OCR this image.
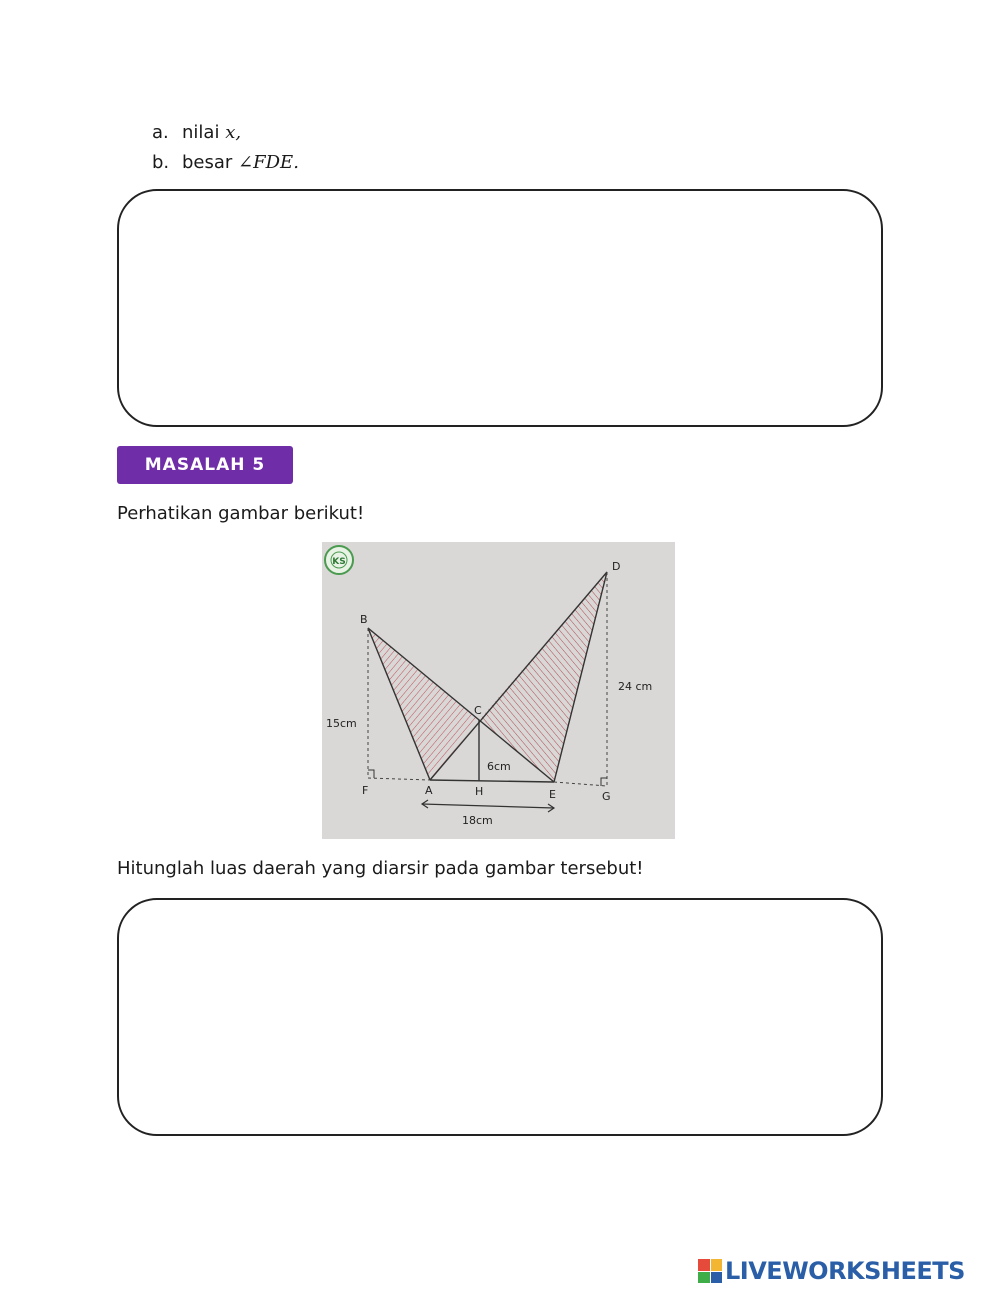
a. nilai
x,
b. besar
∠FDE.
MASALAH 5
Perhatikan gambar berikut!
KS
B
C
D
F	A	H	E	G
15cm
24 cm
6cm
18cm
Hitunglah luas daerah yang diarsir pada gambar tersebut!
LIVEWORKSHEETS
